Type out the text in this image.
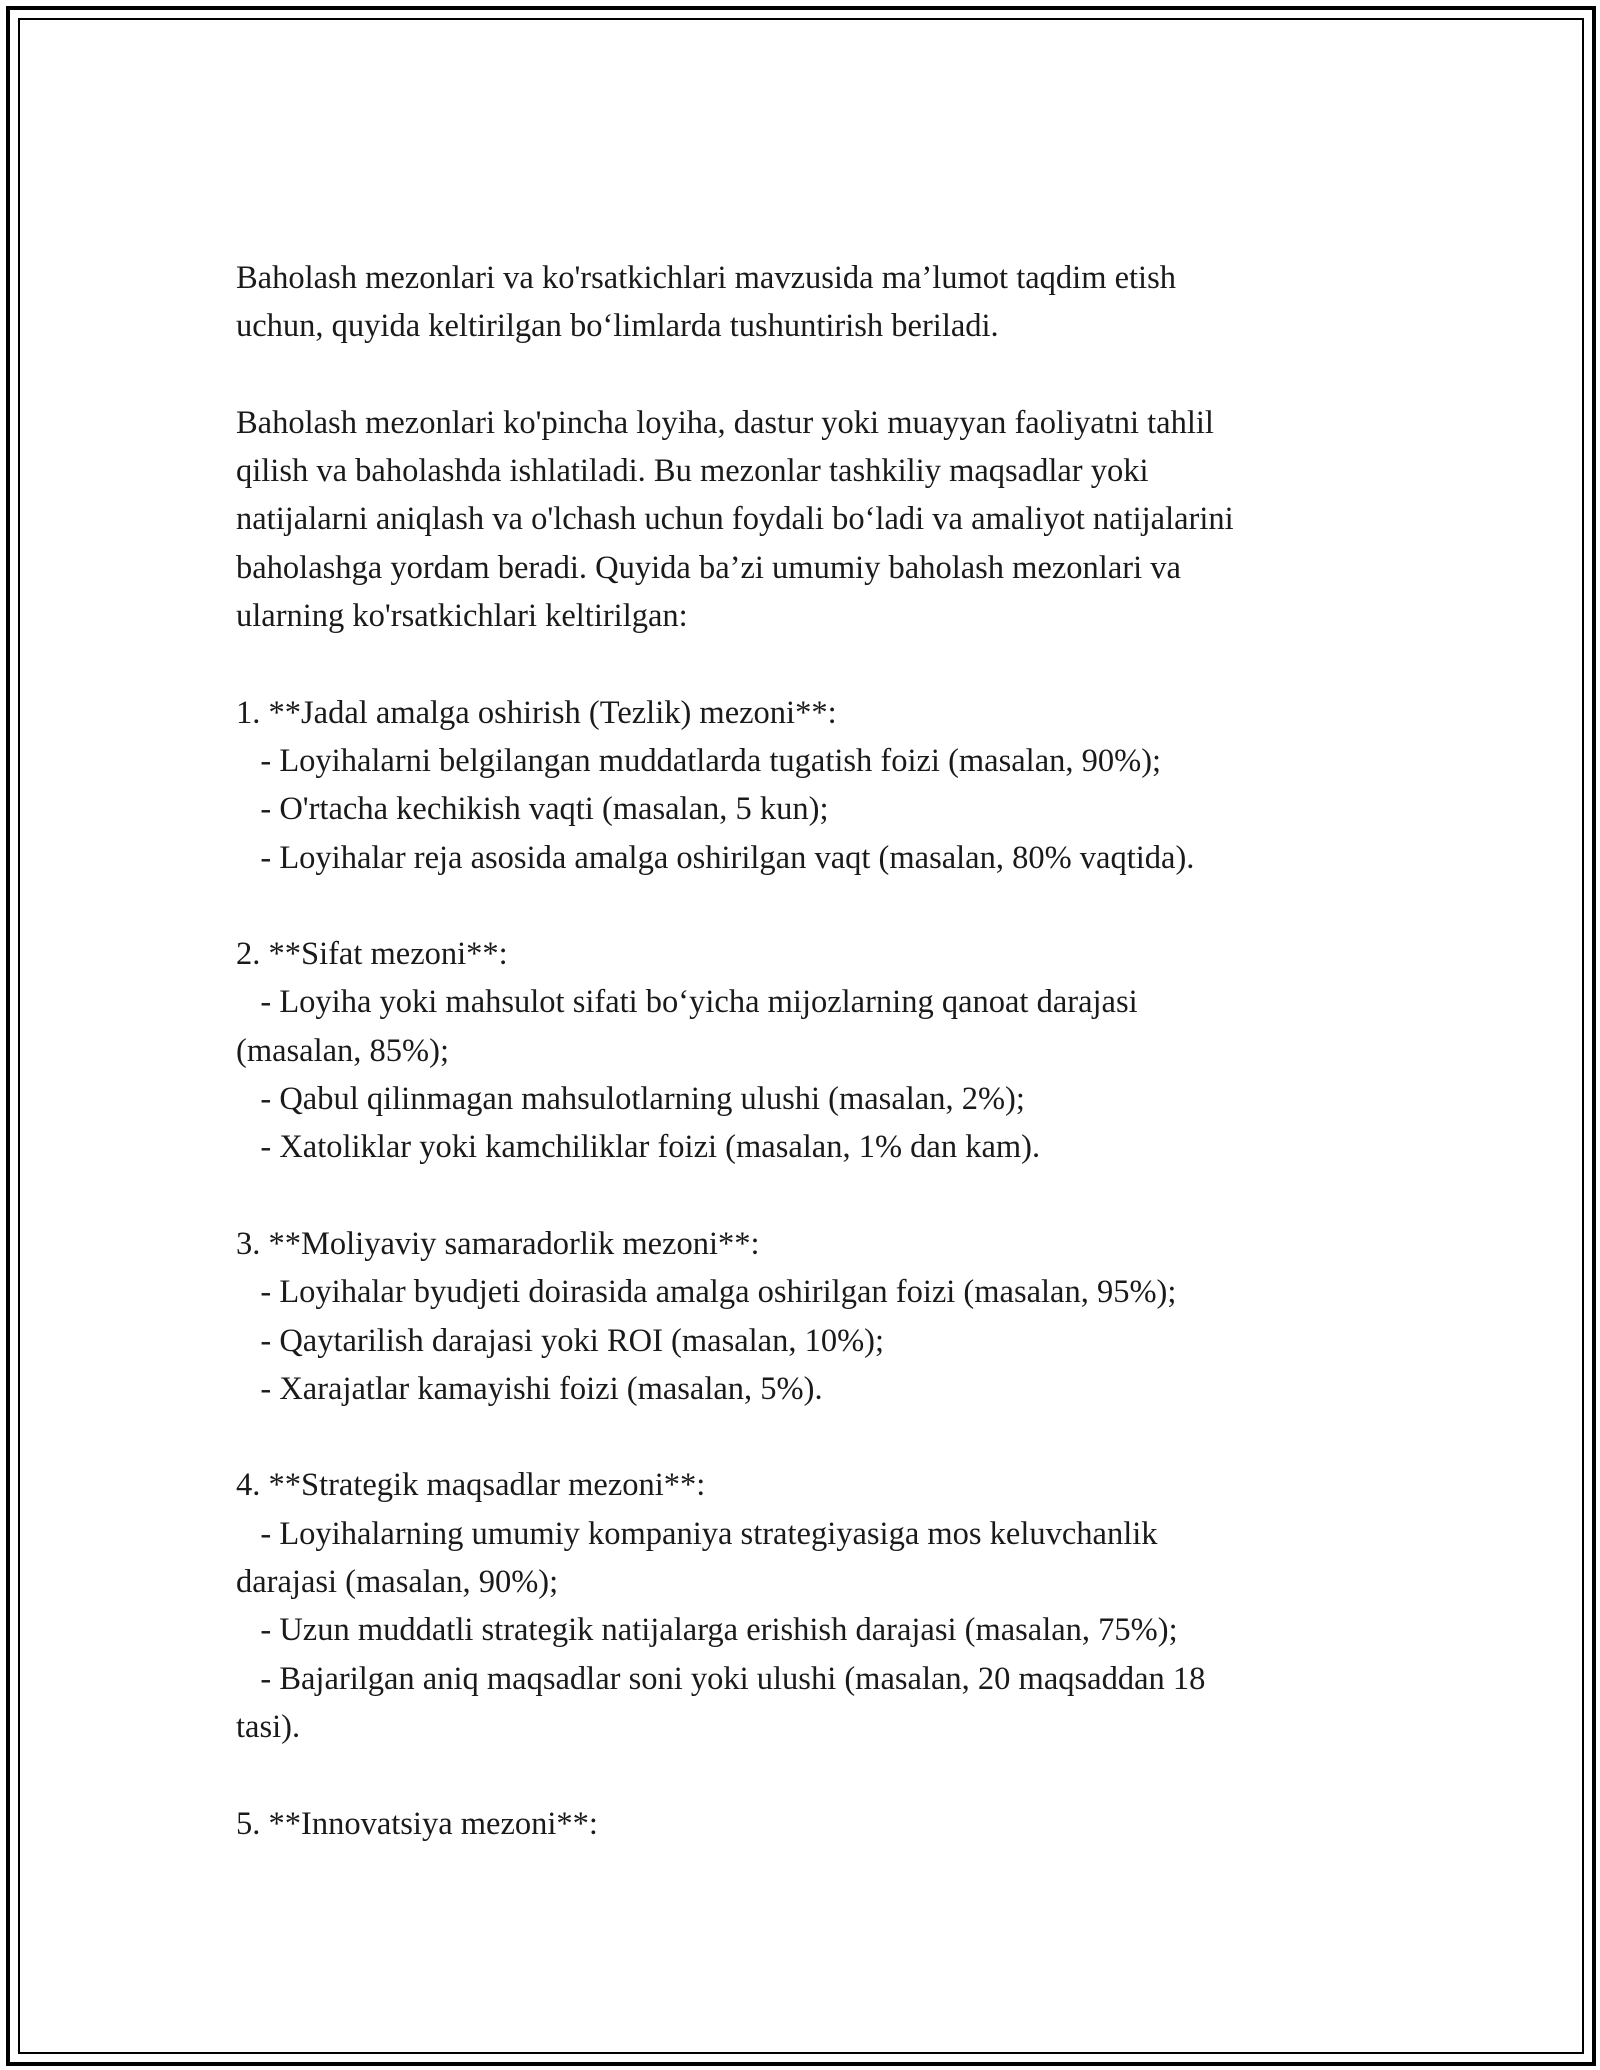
Baholash mezonlari va ko'rsatkichlari mavzusida ma’lumot taqdim etish
uchun, quyida keltirilgan bo‘limlarda tushuntirish beriladi.

Baholash mezonlari ko'pincha loyiha, dastur yoki muayyan faoliyatni tahlil
qilish va baholashda ishlatiladi. Bu mezonlar tashkiliy maqsadlar yoki
natijalarni aniqlash va o'lchash uchun foydali bo‘ladi va amaliyot natijalarini
baholashga yordam beradi. Quyida ba’zi umumiy baholash mezonlari va
ularning ko'rsatkichlari keltirilgan:

1. **Jadal amalga oshirish (Tezlik) mezoni**:

- Loyihalarni belgilangan muddatlarda tugatish foizi (masalan, 90%);

- O'rtacha kechikish vaqti (masalan, 5 kun);

- Loyihalar reja asosida amalga oshirilgan vaqt (masalan, 80% vaqtida).

2. **Sifat mezoni**:

- Loyiha yoki mahsulot sifati bo‘yicha mijozlarning qanoat darajasi
(masalan, 85%);

- Qabul qilinmagan mahsulotlarning ulushi (masalan, 2%);

- Xatoliklar yoki kamchiliklar foizi (masalan, 1% dan kam).

3. **Moliyaviy samaradorlik mezoni**:

- Loyihalar byudjeti doirasida amalga oshirilgan foizi (masalan, 95%);

- Qaytarilish darajasi yoki ROI (masalan, 10%);

- Xarajatlar kamayishi foizi (masalan, 5%).

4. **Strategik maqsadlar mezoni**:

- Loyihalarning umumiy kompaniya strategiyasiga mos keluvchanlik
darajasi (masalan, 90%);

- Uzun muddatli strategik natijalarga erishish darajasi (masalan, 75%);

- Bajarilgan aniq maqsadlar soni yoki ulushi (masalan, 20 maqsaddan 18
tasi).

5. **Innovatsiya mezoni**:
